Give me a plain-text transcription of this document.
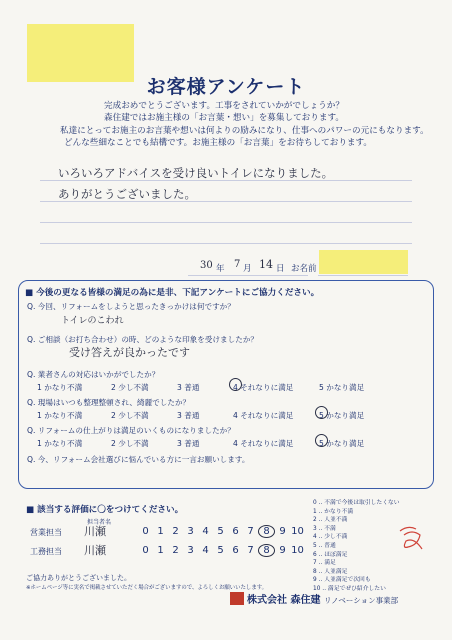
お客様アンケート
完成おめでとうございます。工事をされていかがでしょうか？
森住建ではお施主様の「お言葉・想い」を募集しております。
私達にとってお施主のお言葉や想いは何よりの励みになり、仕事へのパワーの元にもなります。
どんな些細なことでも結構です。お施主様の「お言葉」をお待ちしております。
いろいろアドバイスを受け良いトイレになりました。
ありがとうございました。
30 年 7 月 14 日 お名前
■ 今後の更なる皆様の満足の為に是非、下記アンケートにご協力ください。
Q. 今回、リフォームをしようと思ったきっかけは何ですか？
トイレのこわれ
Q. ご相談（お打ち合わせ）の時、どのような印象を受けましたか？
受け答えが良かったです
Q. 業者さんの対応はいかがでしたか？
1 かなり不満	2 少し不満	3 普通	4 それなりに満足	5 かなり満足
Q. 現場はいつも整理整頓され、綺麗でしたか？
1 かなり不満	2 少し不満	3 普通	4 それなりに満足	5 かなり満足
Q. リフォームの仕上がりは満足のいくものになりましたか？
1 かなり不満	2 少し不満	3 普通	4 それなりに満足	5 かなり満足
Q. 今、リフォーム会社選びに悩んでいる方に一言お願いします。
■ 該当する評価に〇をつけてください。
担当者名
営業担当 川瀬	0 1 2 3 4 5 6 7 8 9 10
工務担当 川瀬	0 1 2 3 4 5 6 7 8 9 10
0 ‥ 不満で今後は取引したくない
1 ‥ かなり不満
2 ‥ 人並不満
3 ‥ 不満
4 ‥ 少し不満
5 ‥ 普通
6 ‥ ほぼ満足
7 ‥ 満足
8 ‥ 人並満足
9 ‥ 人並満足で次回も
10 ‥ 満足でぜひ紹介したい
ご協力ありがとうございました。
※ホームページ等に実名で掲載させていただく場合がございますので、よろしくお願いいたします。
株式会社 森住建 リノベーション事業部
